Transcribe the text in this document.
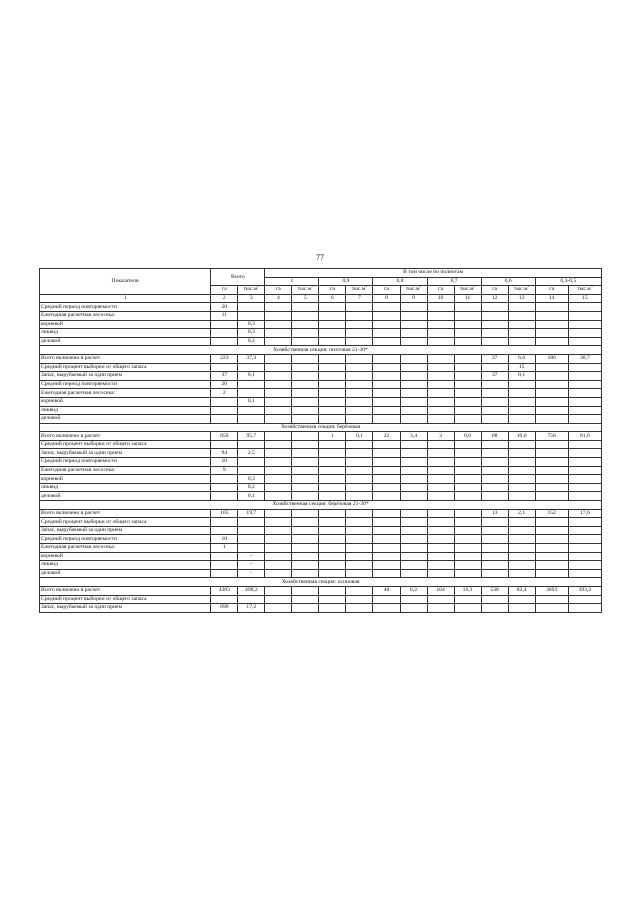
77
Показатели	Всего		В том числе по полнотам											
			1		0,9		0,8		0,7		0,6		0,3-0,5	
	га	$тыс.м^3$	га	$тыс.м^3$	га	$тыс.м^3$	га	$тыс.м^3$	га	$тыс.м^3$	га	$тыс.м^3$	га	$тыс.м^3$
1	2	3	4	5	6	7	8	9	10	11	12	13	14	15
Средний период повторяемости	20													
Ежегодная расчетная лесосека:	11													
корневой		0,3												
ликвид		0,3												
деловой		0,2												
Хозяйственная секция: пихтовая 21-30*														
Всего включено в расчет	223	37,3									37	6,6	186	30,7
Средний процент выборки от общего запаса												15		
Запас, вырубаемый за один прием	37	0,1									37	0,1		
Средний период повторяемости	20													
Ежегодная расчетная лесосека:	2													
корневой		0,1												
ликвид														
деловой														
Хозяйственная секция: берёзовая														
Всего включено в расчет	850	95,7			1	0,1	22	3,4	3	0,6	68	10,0	756	81,6
Средний процент выборки от общего запаса														
Запас, вырубаемый за один прием	94	2,5												
Средний период повторяемости	10													
Ежегодная расчетная лесосека:	9													
корневой		0,3												
ликвид		0,2												
деловой		0,1												
Хозяйственная секция: берёзовая 21-30*														
Всего включено в расчет	165	19,7									13	2,1	152	17,6
Средний процент выборки от общего запаса														
Запас, вырубаемый за один прием														
Средний период повторяемости	10													
Ежегодная расчетная лесосека:	1													
корневой		-												
ликвид		-												
деловой		-												
Хозяйственная секция: осиновая														
Всего включено в расчет	4383	498,2					48	6,2	104	16,3	538	82,4	3693	393,3
Средний процент выборки от общего запаса														
Запас, вырубаемый за один прием	690	17,2												
